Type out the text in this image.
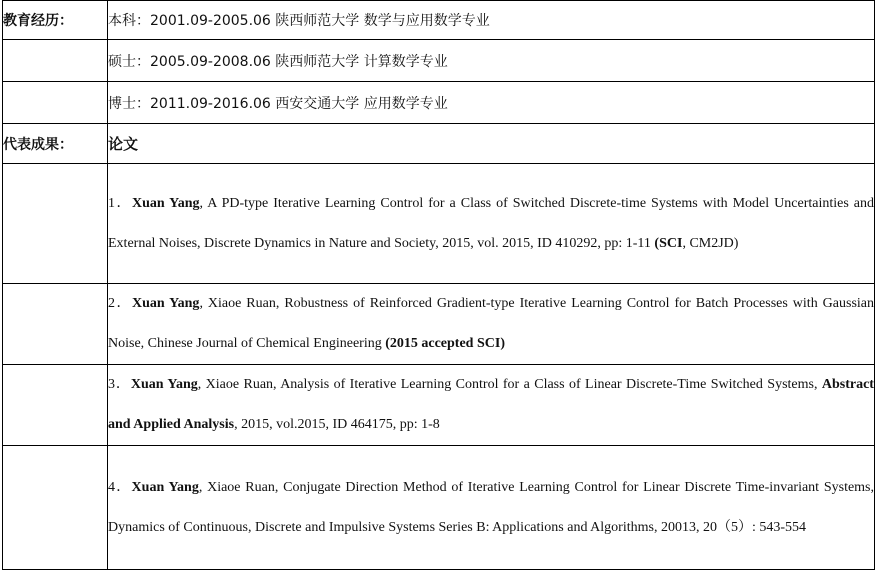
教育经历：	本科：2001.09-2005.06 陕西师范大学 数学与应用数学专业
	硕士：2005.09-2008.06 陕西师范大学 计算数学专业
	博士：2011.09-2016.06 西安交通大学 应用数学专业
代表成果：	论文
	1．Xuan Yang, A PD-type Iterative Learning Control for a Class of Switched Discrete-time Systems with Model Uncertainties and External Noises, Discrete Dynamics in Nature and Society, 2015, vol. 2015, ID 410292, pp: 1-11 (SCI, CM2JD)
	2．Xuan Yang, Xiaoe Ruan, Robustness of Reinforced Gradient-type Iterative Learning Control for Batch Processes with Gaussian Noise, Chinese Journal of Chemical Engineering (2015 accepted SCI)
	3．Xuan Yang, Xiaoe Ruan, Analysis of Iterative Learning Control for a Class of Linear Discrete-Time Switched Systems, Abstract and Applied Analysis, 2015, vol.2015, ID 464175, pp: 1-8
	4．Xuan Yang, Xiaoe Ruan, Conjugate Direction Method of Iterative Learning Control for Linear Discrete Time-invariant Systems, Dynamics of Continuous, Discrete and Impulsive Systems Series B: Applications and Algorithms, 20013, 20（5）: 543-554
